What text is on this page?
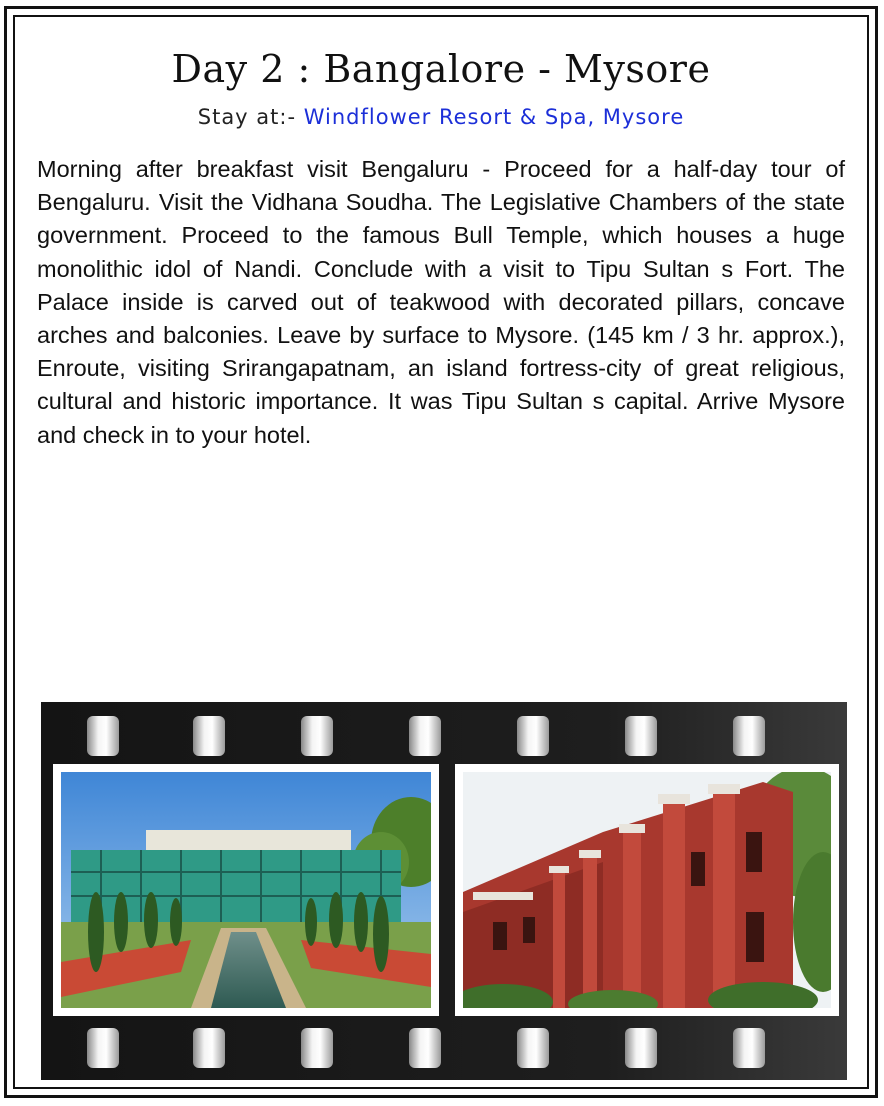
Day 2 : Bangalore - Mysore
Stay at:- Windflower Resort & Spa, Mysore
Morning after breakfast visit Bengaluru - Proceed for a half-day tour of Bengaluru. Visit the Vidhana Soudha. The Legislative Chambers of the state government. Proceed to the famous Bull Temple, which houses a huge monolithic idol of Nandi. Conclude with a visit to Tipu Sultan s Fort. The Palace inside is carved out of teakwood with decorated pillars, concave arches and balconies. Leave by surface to Mysore. (145 km / 3 hr. approx.), Enroute, visiting Srirangapatnam, an island fortress-city of great religious, cultural and historic importance. It was Tipu Sultan s capital. Arrive Mysore and check in to your hotel.
